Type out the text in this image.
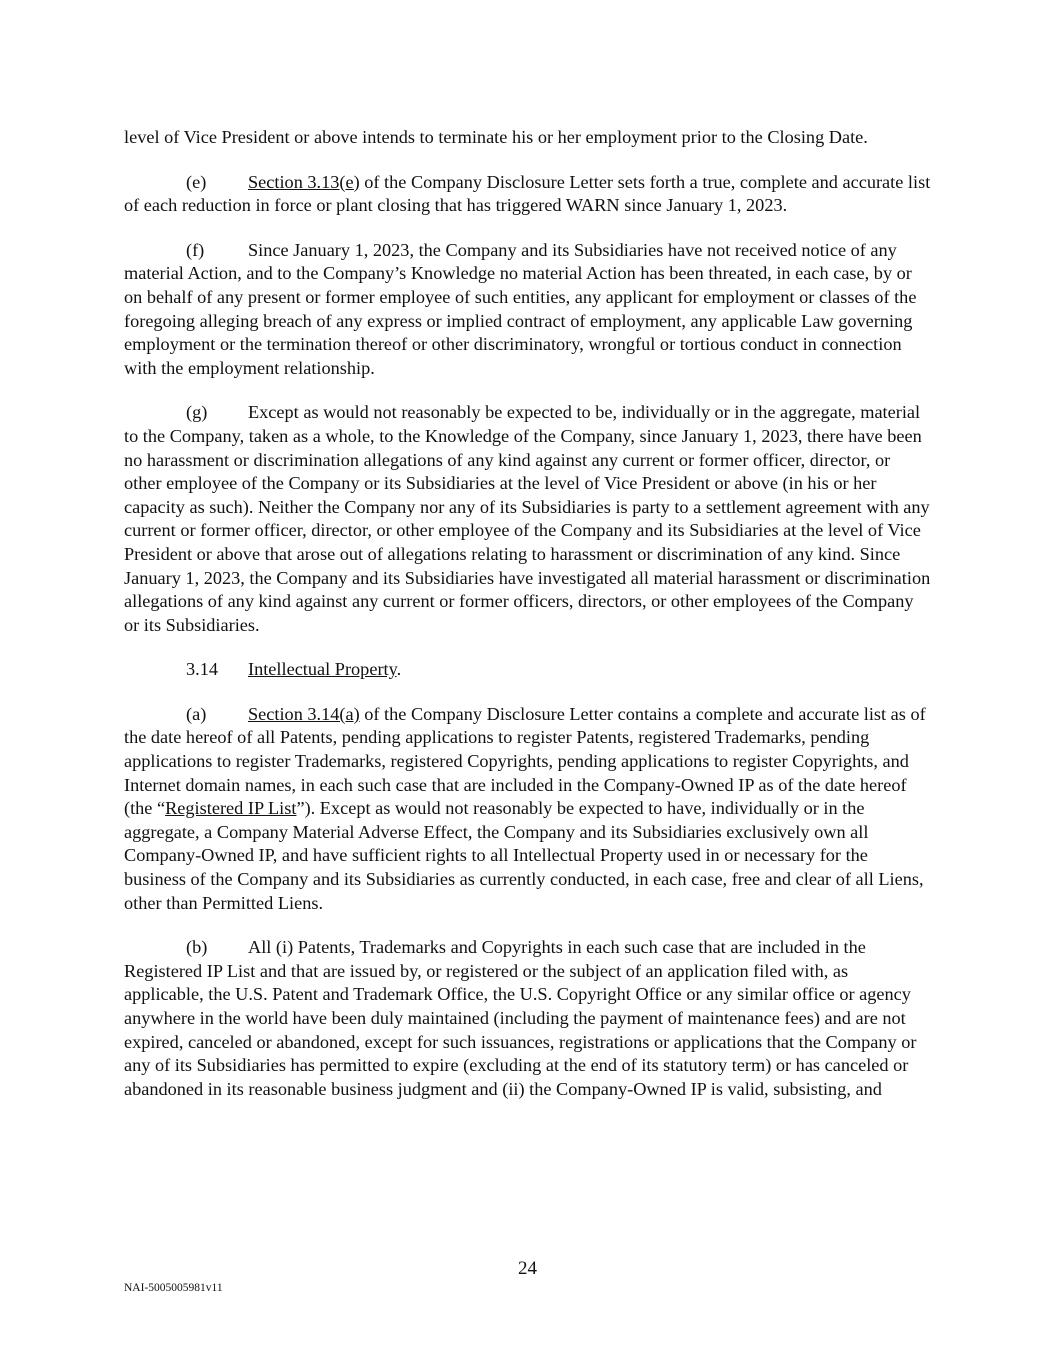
level of Vice President or above intends to terminate his or her employment prior to the Closing Date.

(e) Section 3.13(e) of the Company Disclosure Letter sets forth a true, complete and accurate list of each reduction in force or plant closing that has triggered WARN since January 1, 2023.

(f) Since January 1, 2023, the Company and its Subsidiaries have not received notice of any material Action, and to the Company’s Knowledge no material Action has been threated, in each case, by or on behalf of any present or former employee of such entities, any applicant for employment or classes of the foregoing alleging breach of any express or implied contract of employment, any applicable Law governing employment or the termination thereof or other discriminatory, wrongful or tortious conduct in connection with the employment relationship.

(g) Except as would not reasonably be expected to be, individually or in the aggregate, material to the Company, taken as a whole, to the Knowledge of the Company, since January 1, 2023, there have been no harassment or discrimination allegations of any kind against any current or former officer, director, or other employee of the Company or its Subsidiaries at the level of Vice President or above (in his or her capacity as such). Neither the Company nor any of its Subsidiaries is party to a settlement agreement with any current or former officer, director, or other employee of the Company and its Subsidiaries at the level of Vice President or above that arose out of allegations relating to harassment or discrimination of any kind. Since January 1, 2023, the Company and its Subsidiaries have investigated all material harassment or discrimination allegations of any kind against any current or former officers, directors, or other employees of the Company or its Subsidiaries.

3.14 Intellectual Property.

(a) Section 3.14(a) of the Company Disclosure Letter contains a complete and accurate list as of the date hereof of all Patents, pending applications to register Patents, registered Trademarks, pending applications to register Trademarks, registered Copyrights, pending applications to register Copyrights, and Internet domain names, in each such case that are included in the Company-Owned IP as of the date hereof (the “Registered IP List”). Except as would not reasonably be expected to have, individually or in the aggregate, a Company Material Adverse Effect, the Company and its Subsidiaries exclusively own all Company-Owned IP, and have sufficient rights to all Intellectual Property used in or necessary for the business of the Company and its Subsidiaries as currently conducted, in each case, free and clear of all Liens, other than Permitted Liens.

(b) All (i) Patents, Trademarks and Copyrights in each such case that are included in the Registered IP List and that are issued by, or registered or the subject of an application filed with, as applicable, the U.S. Patent and Trademark Office, the U.S. Copyright Office or any similar office or agency anywhere in the world have been duly maintained (including the payment of maintenance fees) and are not expired, canceled or abandoned, except for such issuances, registrations or applications that the Company or any of its Subsidiaries has permitted to expire (excluding at the end of its statutory term) or has canceled or abandoned in its reasonable business judgment and (ii) the Company-Owned IP is valid, subsisting, and

24
NAI-5005005981v11
